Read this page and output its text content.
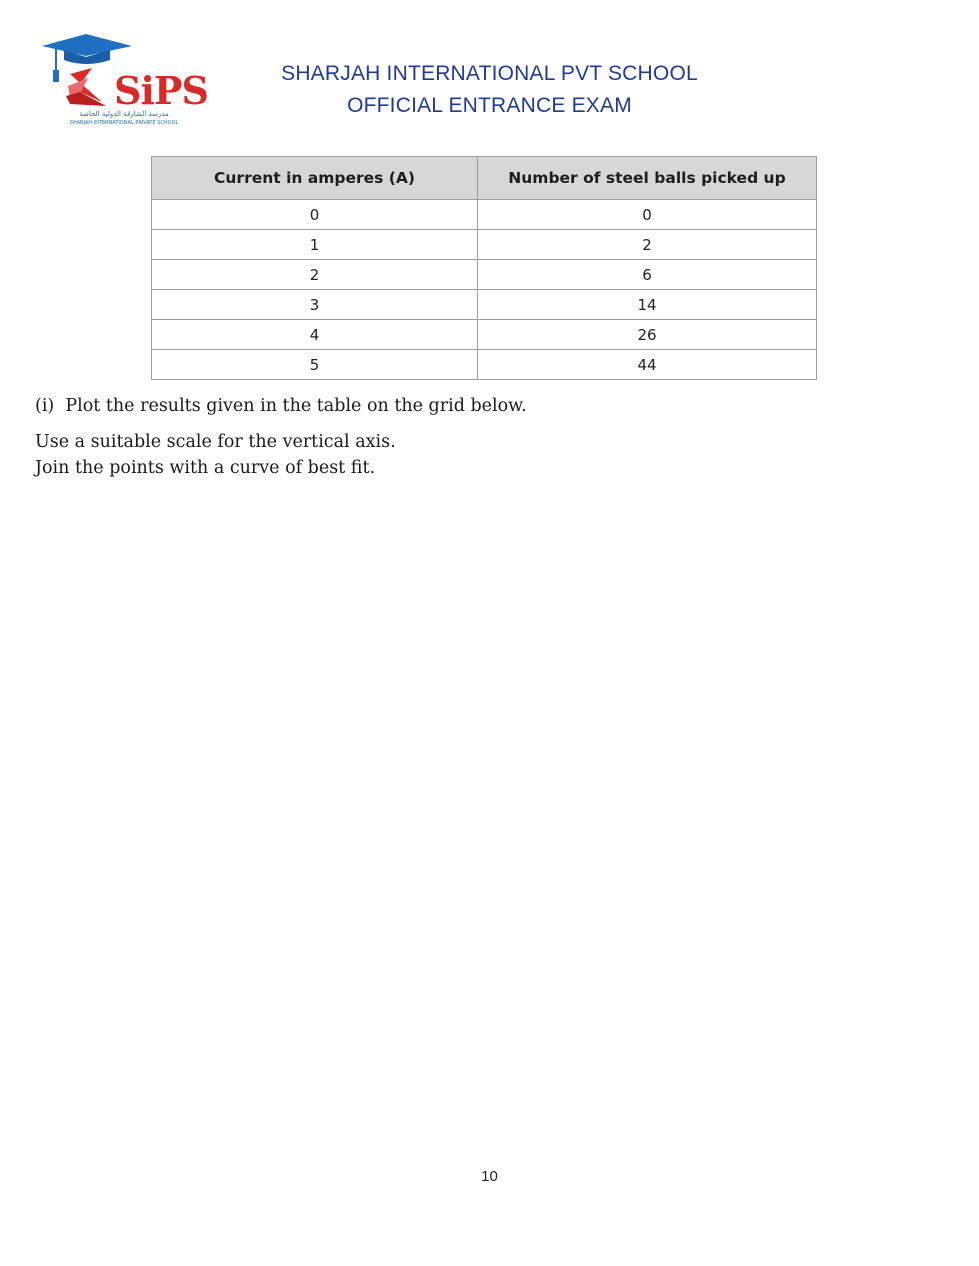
SiPS
مدرسة الشارقة الدولية الخاصة
SHARJAH INTERNATIONAL PRIVATE SCHOOL
SHARJAH INTERNATIONAL PVT SCHOOL
OFFICIAL ENTRANCE EXAM
Current in amperes (A)	Number of steel balls picked up
0	0
1	2
2	6
3	14
4	26
5	44
(i)  Plot the results given in the table on the grid below.
Use a suitable scale for the vertical axis.
Join the points with a curve of best fit.
10
